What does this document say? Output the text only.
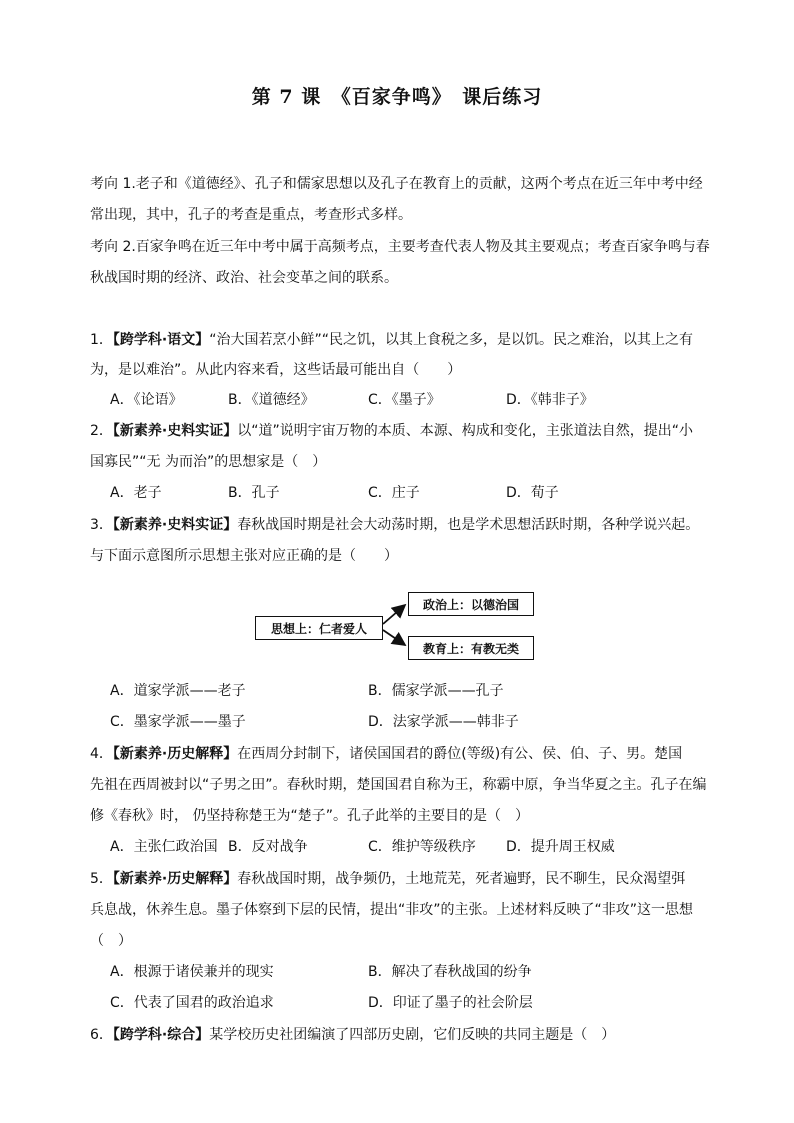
第 7 课　《百家争鸣》　课后练习
考向 1.老子和《道德经》、孔子和儒家思想以及孔子在教育上的贡献，这两个考点在近三年中考中经
常出现，其中，孔子的考查是重点，考查形式多样。
考向 2.百家争鸣在近三年中考中属于高频考点，主要考查代表人物及其主要观点；考查百家争鸣与春
秋战国时期的经济、政治、社会变革之间的联系。
1．【跨学科·语文】“治大国若烹小鲜”“民之饥，以其上食税之多，是以饥。民之难治，以其上之有
为，是以难治”。从此内容来看，这些话最可能出自（　　）
A．《论语》	B．《道德经》	C．《墨子》	D．《韩非子》
2．【新素养·史料实证】以“道”说明宇宙万物的本质、本源、构成和变化，主张道法自然，提出“小
国寡民”“无 为而治”的思想家是（　）
A．老子	B．孔子	C．庄子	D．荀子
3．【新素养·史料实证】春秋战国时期是社会大动荡时期，也是学术思想活跃时期，各种学说兴起。
与下面示意图所示思想主张对应正确的是（　　）
思想上：仁者爱人
政治上：以德治国
教育上：有教无类
A．道家学派——老子	B．儒家学派——孔子
C．墨家学派——墨子	D．法家学派——韩非子
4．【新素养·历史解释】在西周分封制下，诸侯国国君的爵位(等级)有公、侯、伯、子、男。楚国
先祖在西周被封以“子男之田”。春秋时期，楚国国君自称为王，称霸中原，争当华夏之主。孔子在编
修《春秋》时， 仍坚持称楚王为“楚子”。孔子此举的主要目的是（　）
A．主张仁政治国 B．反对战争	C．维护等级秩序 D．提升周王权威
5．【新素养·历史解释】春秋战国时期，战争频仍，土地荒芜，死者遍野，民不聊生，民众渴望弭
兵息战，休养生息。墨子体察到下层的民情，提出“非攻”的主张。上述材料反映了“非攻”这一思想
（　）
A．根源于诸侯兼并的现实	B．解决了春秋战国的纷争
C．代表了国君的政治追求	D．印证了墨子的社会阶层
6．【跨学科·综合】某学校历史社团编演了四部历史剧，它们反映的共同主题是（　）
